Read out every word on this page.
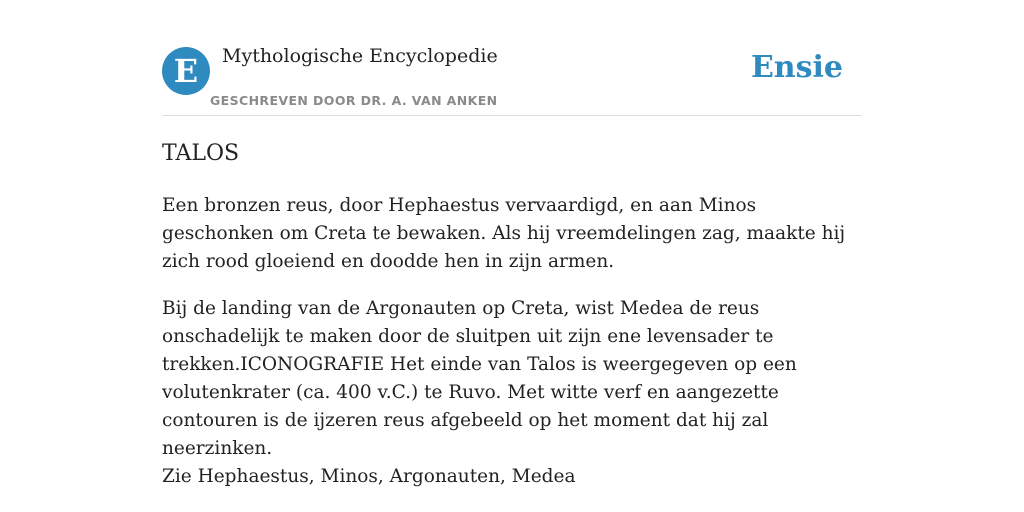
E	Mythologische Encyclopedie
GESCHREVEN DOOR DR. A. VAN ANKEN
Ensie
TALOS

Een bronzen reus, door Hephaestus vervaardigd, en aan Minos geschonken om Creta te bewaken. Als hij vreemdelingen zag, maakte hij zich rood gloeiend en doodde hen in zijn armen.

Bij de landing van de Argonauten op Creta, wist Medea de reus onschadelijk te maken door de sluitpen uit zijn ene levensader te trekken.ICONOGRAFIE Het einde van Talos is weergegeven op een volutenkrater (ca. 400 v.C.) te Ruvo. Met witte verf en aangezette contouren is de ijzeren reus afgebeeld op het moment dat hij zal neerzinken.

Zie Hephaestus, Minos, Argonauten, Medea
